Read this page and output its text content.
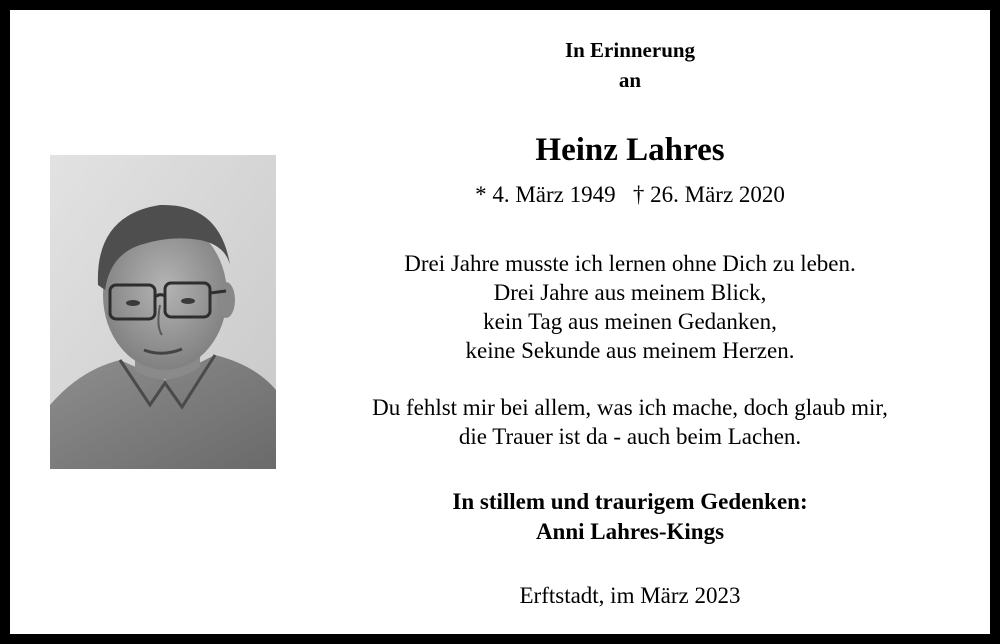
In Erinnerung
an
Heinz Lahres
* 4. März 1949   † 26. März 2020
Drei Jahre musste ich lernen ohne Dich zu leben.
Drei Jahre aus meinem Blick,
kein Tag aus meinen Gedanken,
keine Sekunde aus meinem Herzen.
Du fehlst mir bei allem, was ich mache, doch glaub mir,
die Trauer ist da - auch beim Lachen.
In stillem und traurigem Gedenken:
Anni Lahres-Kings
Erftstadt, im März 2023
